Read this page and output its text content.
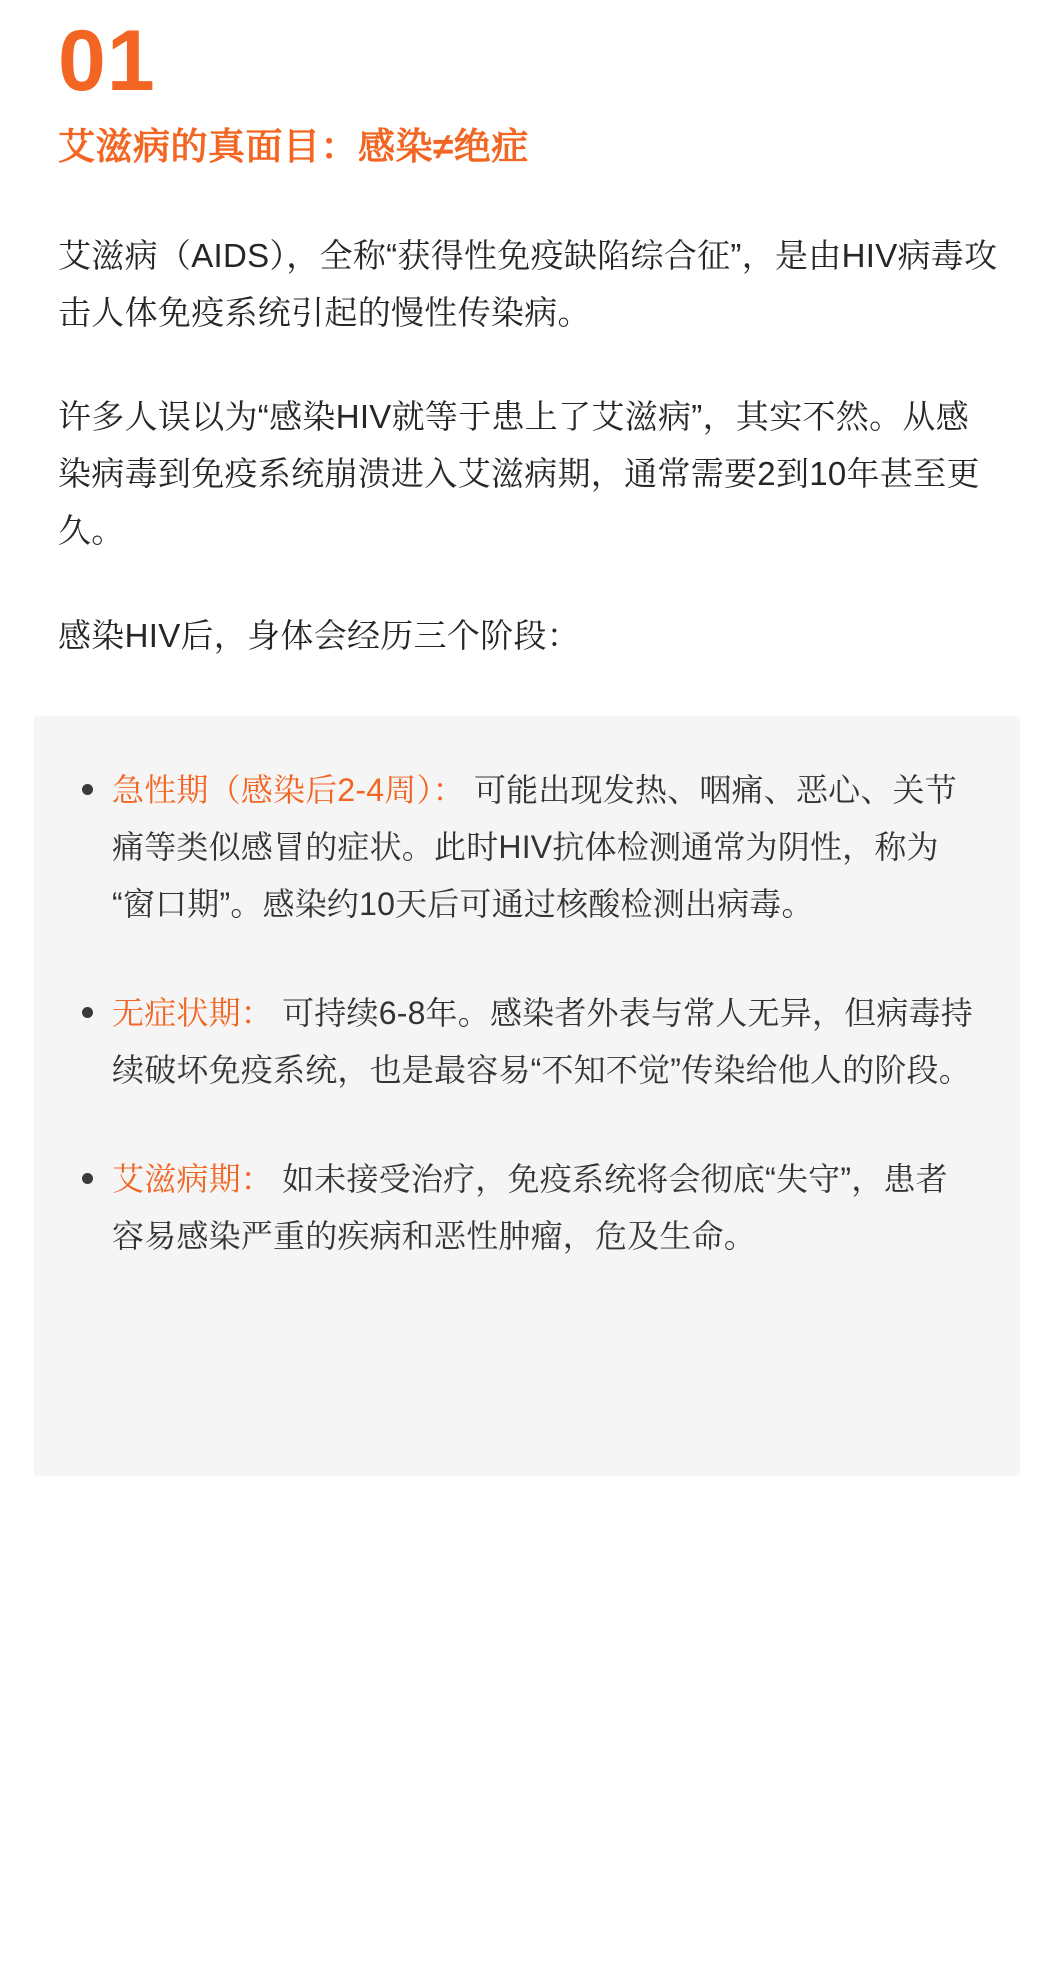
01
艾滋病的真面目：感染≠绝症

艾滋病（AIDS），全称“获得性免疫缺陷综合征”，是由HIV病毒攻击人体免疫系统引起的慢性传染病。

许多人误以为“感染HIV就等于患上了艾滋病”，其实不然。从感染病毒到免疫系统崩溃进入艾滋病期，通常需要2到10年甚至更久。

感染HIV后，身体会经历三个阶段：

急性期（感染后2-4周）： 可能出现发热、咽痛、恶心、关节痛等类似感冒的症状。此时HIV抗体检测通常为阴性，称为“窗口期”。感染约10天后可通过核酸检测出病毒。
无症状期： 可持续6-8年。感染者外表与常人无异，但病毒持续破坏免疫系统，也是最容易“不知不觉”传染给他人的阶段。
艾滋病期： 如未接受治疗，免疫系统将会彻底“失守”，患者容易感染严重的疾病和恶性肿瘤，危及生命。
